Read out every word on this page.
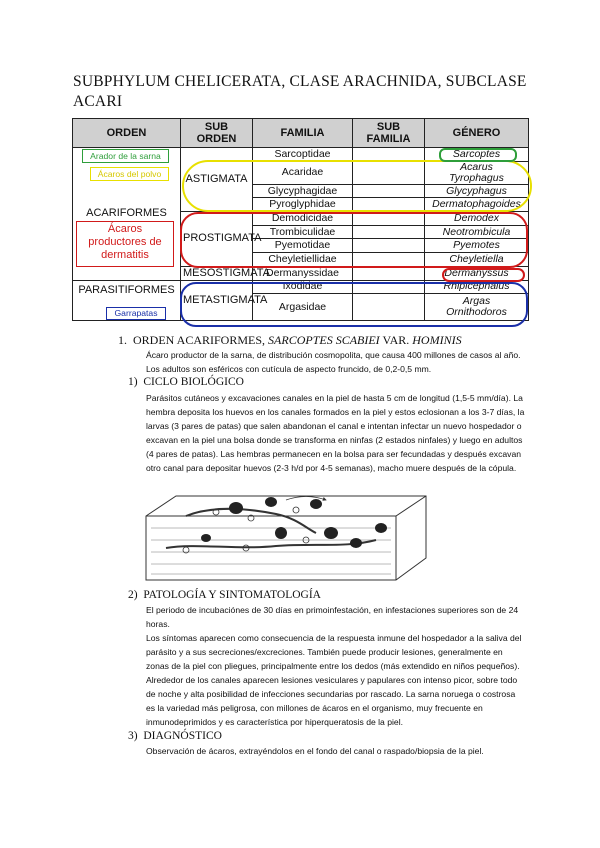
SUBPHYLUM CHELICERATA, CLASE ARACHNIDA, SUBCLASE ACARI
ORDEN	SUB
ORDEN	FAMILIA	SUB
FAMILIA	GÉNERO
ACARIFORMES	ASTIGMATA	Sarcoptidae		Sarcoptes
		Acaridae		Acarus
Tyrophagus
		Glycyphagidae		Glycyphagus
		Pyroglyphidae		Dermatophagoides
	PROSTIGMATA	Demodicidae		Demodex
		Trombiculidae		Neotrombicula
		Pyemotidae		Pyemotes
		Cheyletiellidae		Cheyletiella
	MESOSTIGMATA	Dermanyssidae		Dermanyssus
PARASITIFORMES	METASTIGMATA	Ixodidae		Rhipicephalus
		Argasidae		Argas
Ornithodoros
Arador de la sarna
Ácaros del polvo
Ácaros productores de dermatitis
Garrapatas
1. ORDEN ACARIFORMES, SARCOPTES SCABIEI VAR. HOMINIS
Ácaro productor de la sarna, de distribución cosmopolita, que causa 400 millones de casos al año. Los adultos son esféricos con cutícula de aspecto fruncido, de 0,2-0,5 mm.
1) CICLO BIOLÓGICO
Parásitos cutáneos y excavaciones canales en la piel de hasta 5 cm de longitud (1,5-5 mm/día). La hembra deposita los huevos en los canales formados en la piel y estos eclosionan a los 3-7 días, la larvas (3 pares de patas) que salen abandonan el canal e intentan infectar un nuevo hospedador o excavan en la piel una bolsa donde se transforma en ninfas (2 estados ninfales) y luego en adultos (4 pares de patas). Las hembras permanecen en la bolsa para ser fecundadas y después excavan otro canal para depositar huevos (2-3 h/d por 4-5 semanas), macho muere después de la cópula.
2) PATOLOGÍA Y SINTOMATOLOGÍA
El periodo de incubaciónes de 30 días en primoinfestación, en infestaciones superiores son de 24 horas.
Los síntomas aparecen como consecuencia de la respuesta inmune del hospedador a la saliva del parásito y a sus secreciones/excreciones. También puede producir lesiones, generalmente en zonas de la piel con pliegues, principalmente entre los dedos (más extendido en niños pequeños). Alrededor de los canales aparecen lesiones vesiculares y papulares con intenso picor, sobre todo de noche y alta posibilidad de infecciones secundarias por rascado. La sarna noruega o costrosa es la variedad más peligrosa, con millones de ácaros en el organismo, muy frecuente en inmunodeprimidos y es característica por hiperqueratosis de la piel.
3) DIAGNÓSTICO
Observación de ácaros, extrayéndolos en el fondo del canal o raspado/biopsia de la piel.
